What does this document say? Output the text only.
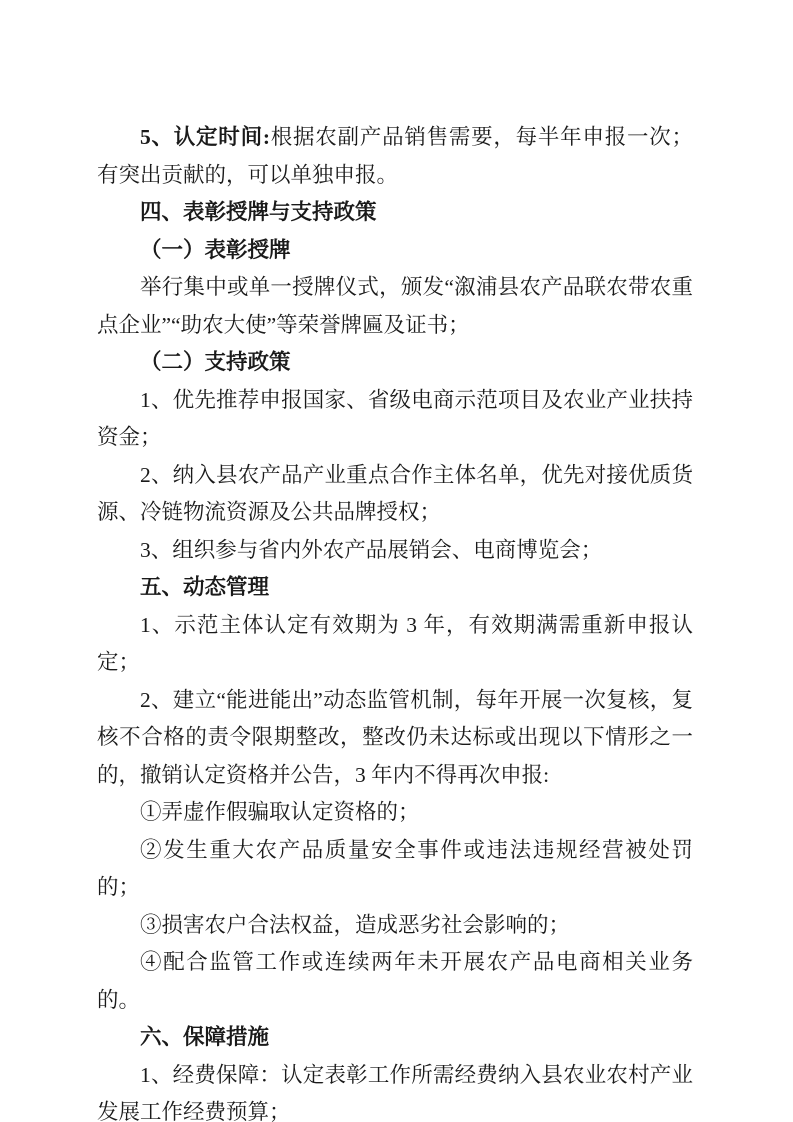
5、认定时间:根据农副产品销售需要，每半年申报一次；有突出贡献的，可以单独申报。

四、表彰授牌与支持政策

（一）表彰授牌

举行集中或单一授牌仪式，颁发“溆浦县农产品联农带农重点企业”“助农大使”等荣誉牌匾及证书；

（二）支持政策

1、优先推荐申报国家、省级电商示范项目及农业产业扶持资金；

2、纳入县农产品产业重点合作主体名单，优先对接优质货源、冷链物流资源及公共品牌授权；

3、组织参与省内外农产品展销会、电商博览会；

五、动态管理

1、示范主体认定有效期为 3 年，有效期满需重新申报认定；

2、建立“能进能出”动态监管机制，每年开展一次复核，复核不合格的责令限期整改，整改仍未达标或出现以下情形之一的，撤销认定资格并公告，3 年内不得再次申报:

①弄虚作假骗取认定资格的；

②发生重大农产品质量安全事件或违法违规经营被处罚的；

③损害农户合法权益，造成恶劣社会影响的；

④配合监管工作或连续两年未开展农产品电商相关业务的。

六、保障措施

1、经费保障：认定表彰工作所需经费纳入县农业农村产业发展工作经费预算；
